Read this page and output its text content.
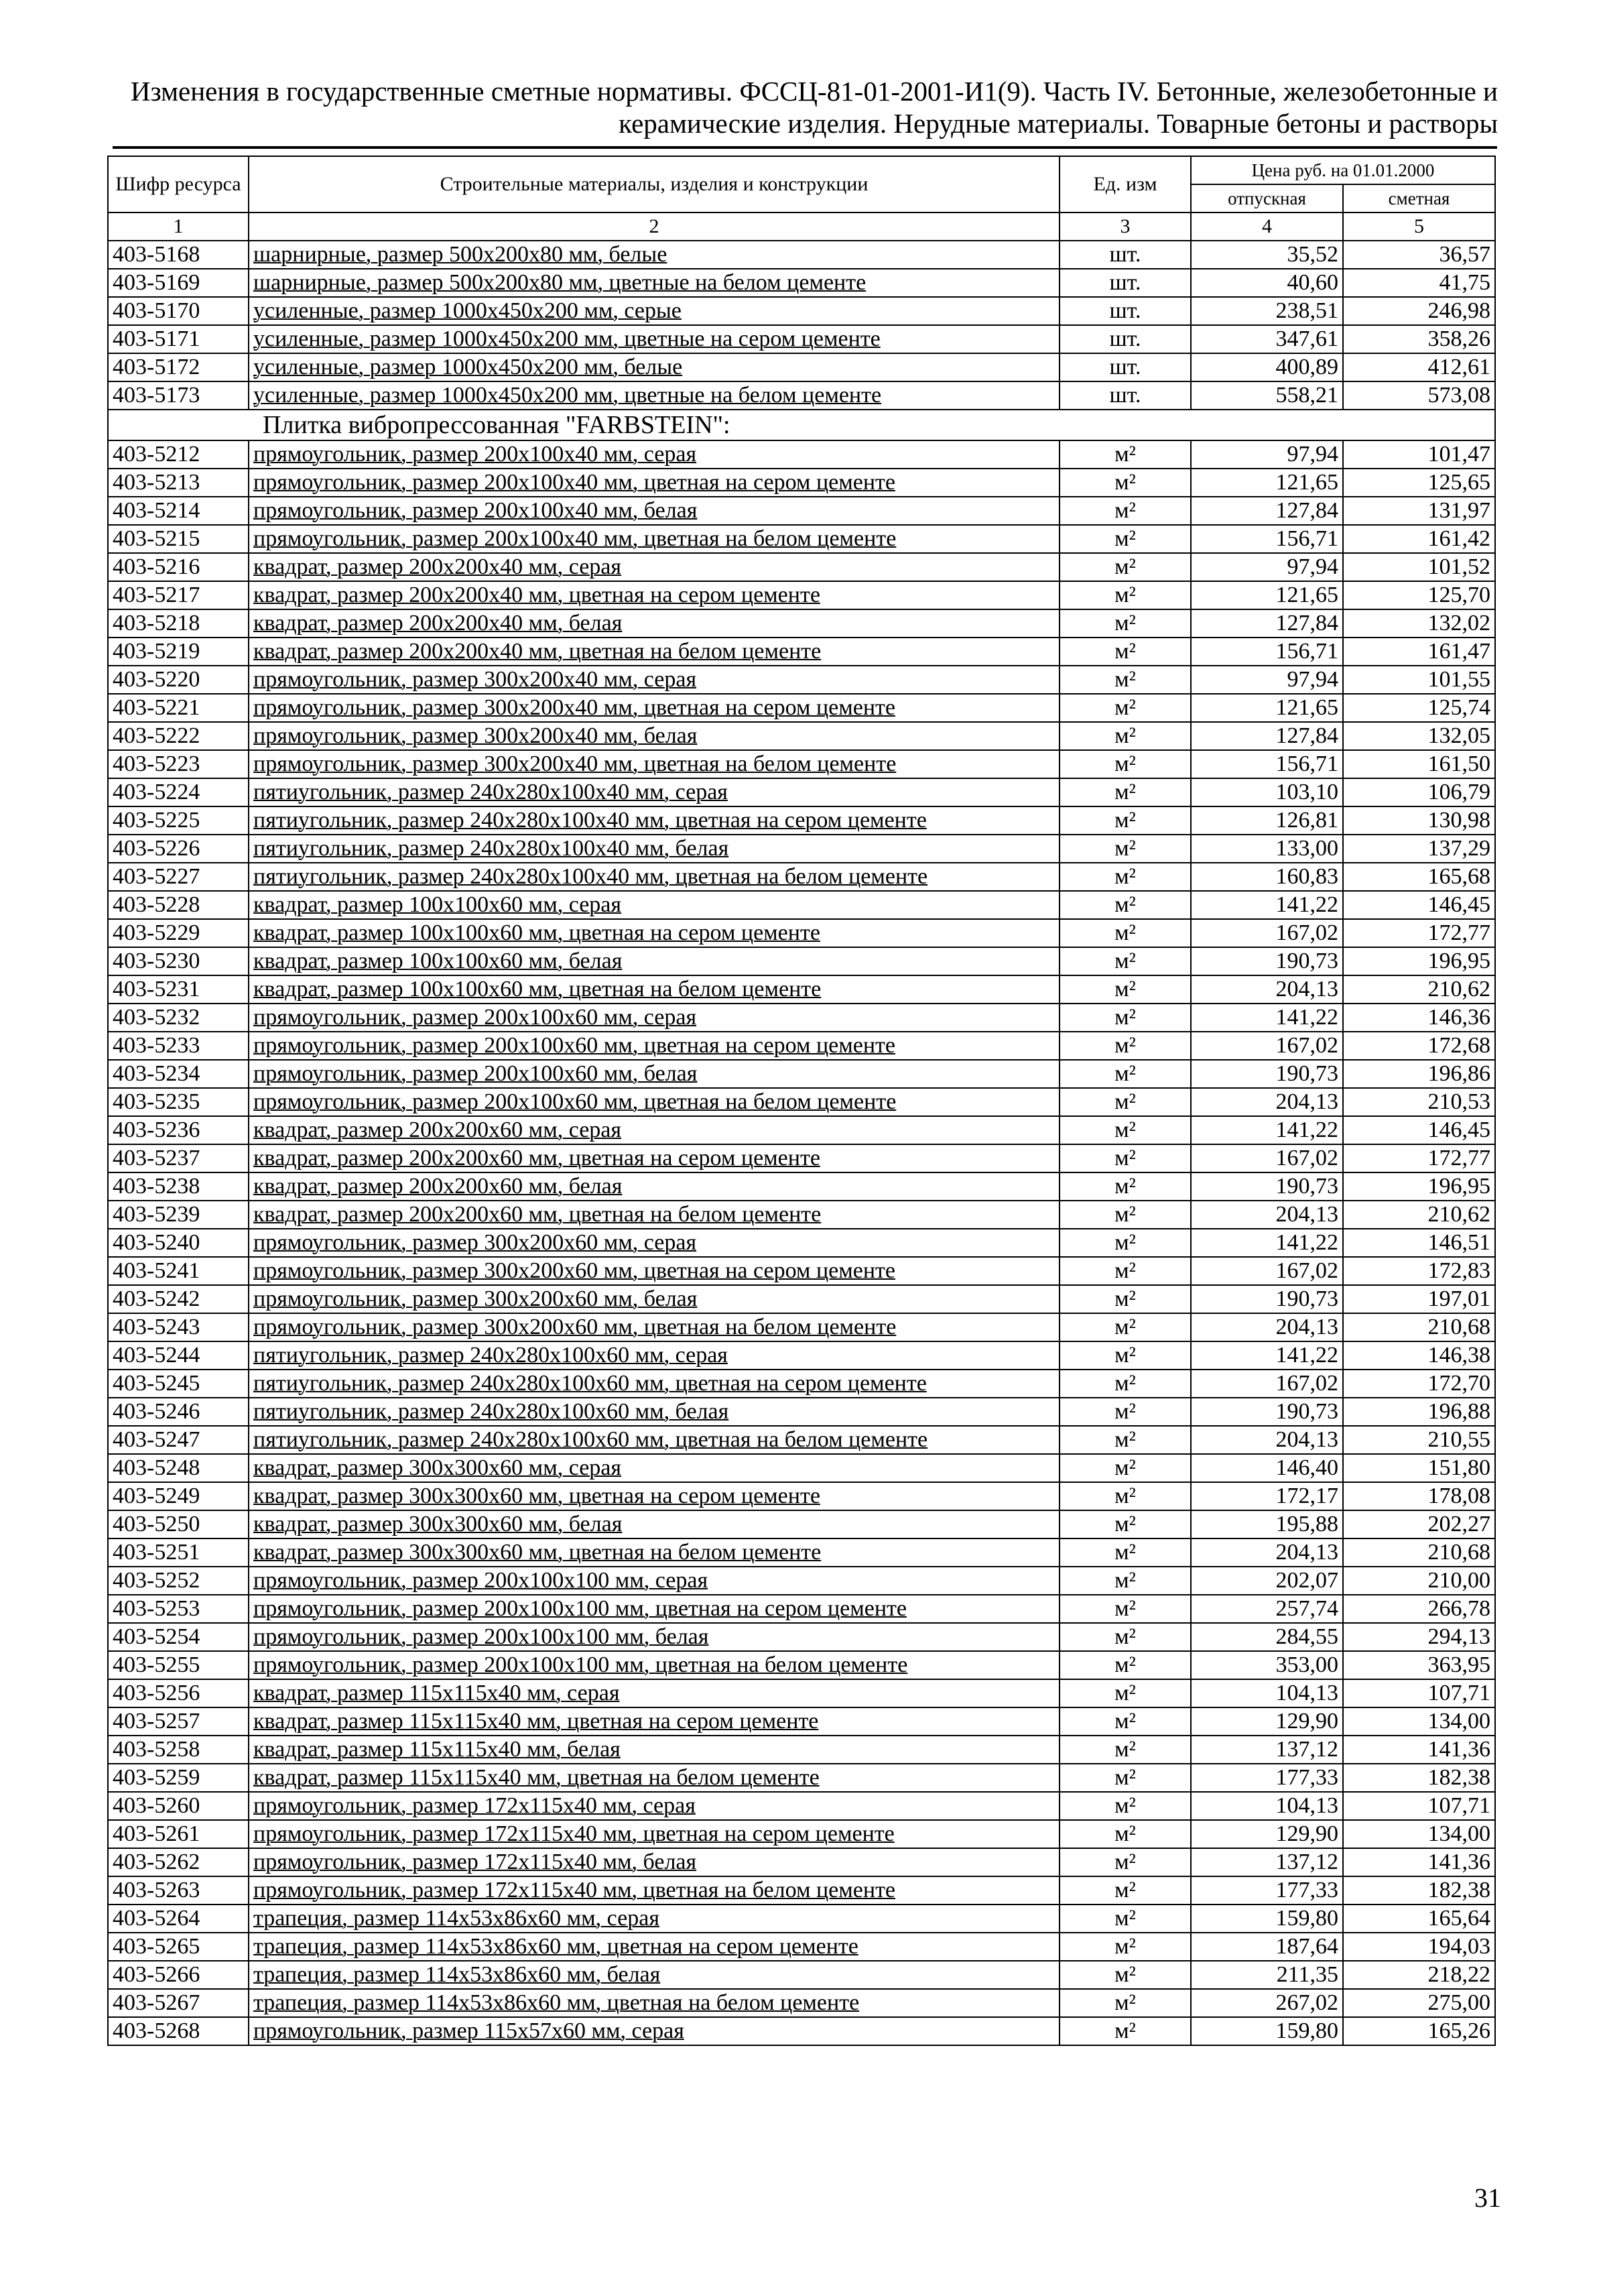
Изменения в государственные сметные нормативы. ФССЦ-81-01-2001-И1(9). Часть IV. Бетонные, железобетонные и
керамические изделия. Нерудные материалы. Товарные бетоны и растворы
Шифр ресурса	Строительные материалы, изделия и конструкции	Ед. изм	Цена руб. на 01.01.2000	
			отпускная	сметная
1	2	3	4	5
403-5168	шарнирные, размер 500х200х80 мм, белые	шт.	35,52	36,57
403-5169	шарнирные, размер 500х200х80 мм, цветные на белом цементе	шт.	40,60	41,75
403-5170	усиленные, размер 1000х450х200 мм, серые	шт.	238,51	246,98
403-5171	усиленные, размер 1000х450х200 мм, цветные на сером цементе	шт.	347,61	358,26
403-5172	усиленные, размер 1000х450х200 мм, белые	шт.	400,89	412,61
403-5173	усиленные, размер 1000х450х200 мм, цветные на белом цементе	шт.	558,21	573,08
Плитка вибропрессованная "FARBSTEIN":				
403-5212	прямоугольник, размер 200х100х40 мм, серая	м²	97,94	101,47
403-5213	прямоугольник, размер 200х100х40 мм, цветная на сером цементе	м²	121,65	125,65
403-5214	прямоугольник, размер 200х100х40 мм, белая	м²	127,84	131,97
403-5215	прямоугольник, размер 200х100х40 мм, цветная на белом цементе	м²	156,71	161,42
403-5216	квадрат, размер 200х200х40 мм, серая	м²	97,94	101,52
403-5217	квадрат, размер 200х200х40 мм, цветная на сером цементе	м²	121,65	125,70
403-5218	квадрат, размер 200х200х40 мм, белая	м²	127,84	132,02
403-5219	квадрат, размер 200х200х40 мм, цветная на белом цементе	м²	156,71	161,47
403-5220	прямоугольник, размер 300х200х40 мм, серая	м²	97,94	101,55
403-5221	прямоугольник, размер 300х200х40 мм, цветная на сером цементе	м²	121,65	125,74
403-5222	прямоугольник, размер 300х200х40 мм, белая	м²	127,84	132,05
403-5223	прямоугольник, размер 300х200х40 мм, цветная на белом цементе	м²	156,71	161,50
403-5224	пятиугольник, размер 240х280х100х40 мм, серая	м²	103,10	106,79
403-5225	пятиугольник, размер 240х280х100х40 мм, цветная на сером цементе	м²	126,81	130,98
403-5226	пятиугольник, размер 240х280х100х40 мм, белая	м²	133,00	137,29
403-5227	пятиугольник, размер 240х280х100х40 мм, цветная на белом цементе	м²	160,83	165,68
403-5228	квадрат, размер 100х100х60 мм, серая	м²	141,22	146,45
403-5229	квадрат, размер 100х100х60 мм, цветная на сером цементе	м²	167,02	172,77
403-5230	квадрат, размер 100х100х60 мм, белая	м²	190,73	196,95
403-5231	квадрат, размер 100х100х60 мм, цветная на белом цементе	м²	204,13	210,62
403-5232	прямоугольник, размер 200х100х60 мм, серая	м²	141,22	146,36
403-5233	прямоугольник, размер 200х100х60 мм, цветная на сером цементе	м²	167,02	172,68
403-5234	прямоугольник, размер 200х100х60 мм, белая	м²	190,73	196,86
403-5235	прямоугольник, размер 200х100х60 мм, цветная на белом цементе	м²	204,13	210,53
403-5236	квадрат, размер 200х200х60 мм, серая	м²	141,22	146,45
403-5237	квадрат, размер 200х200х60 мм, цветная на сером цементе	м²	167,02	172,77
403-5238	квадрат, размер 200х200х60 мм, белая	м²	190,73	196,95
403-5239	квадрат, размер 200х200х60 мм, цветная на белом цементе	м²	204,13	210,62
403-5240	прямоугольник, размер 300х200х60 мм, серая	м²	141,22	146,51
403-5241	прямоугольник, размер 300х200х60 мм, цветная на сером цементе	м²	167,02	172,83
403-5242	прямоугольник, размер 300х200х60 мм, белая	м²	190,73	197,01
403-5243	прямоугольник, размер 300х200х60 мм, цветная на белом цементе	м²	204,13	210,68
403-5244	пятиугольник, размер 240х280х100х60 мм, серая	м²	141,22	146,38
403-5245	пятиугольник, размер 240х280х100х60 мм, цветная на сером цементе	м²	167,02	172,70
403-5246	пятиугольник, размер 240х280х100х60 мм, белая	м²	190,73	196,88
403-5247	пятиугольник, размер 240х280х100х60 мм, цветная на белом цементе	м²	204,13	210,55
403-5248	квадрат, размер 300х300х60 мм, серая	м²	146,40	151,80
403-5249	квадрат, размер 300х300х60 мм, цветная на сером цементе	м²	172,17	178,08
403-5250	квадрат, размер 300х300х60 мм, белая	м²	195,88	202,27
403-5251	квадрат, размер 300х300х60 мм, цветная на белом цементе	м²	204,13	210,68
403-5252	прямоугольник, размер 200х100х100 мм, серая	м²	202,07	210,00
403-5253	прямоугольник, размер 200х100х100 мм, цветная на сером цементе	м²	257,74	266,78
403-5254	прямоугольник, размер 200х100х100 мм, белая	м²	284,55	294,13
403-5255	прямоугольник, размер 200х100х100 мм, цветная на белом цементе	м²	353,00	363,95
403-5256	квадрат, размер 115х115х40 мм, серая	м²	104,13	107,71
403-5257	квадрат, размер 115х115х40 мм, цветная на сером цементе	м²	129,90	134,00
403-5258	квадрат, размер 115х115х40 мм, белая	м²	137,12	141,36
403-5259	квадрат, размер 115х115х40 мм, цветная на белом цементе	м²	177,33	182,38
403-5260	прямоугольник, размер 172х115х40 мм, серая	м²	104,13	107,71
403-5261	прямоугольник, размер 172х115х40 мм, цветная на сером цементе	м²	129,90	134,00
403-5262	прямоугольник, размер 172х115х40 мм, белая	м²	137,12	141,36
403-5263	прямоугольник, размер 172х115х40 мм, цветная на белом цементе	м²	177,33	182,38
403-5264	трапеция, размер 114х53х86х60 мм, серая	м²	159,80	165,64
403-5265	трапеция, размер 114х53х86х60 мм, цветная на сером цементе	м²	187,64	194,03
403-5266	трапеция, размер 114х53х86х60 мм, белая	м²	211,35	218,22
403-5267	трапеция, размер 114х53х86х60 мм, цветная на белом цементе	м²	267,02	275,00
403-5268	прямоугольник, размер 115х57х60 мм, серая	м²	159,80	165,26
31
